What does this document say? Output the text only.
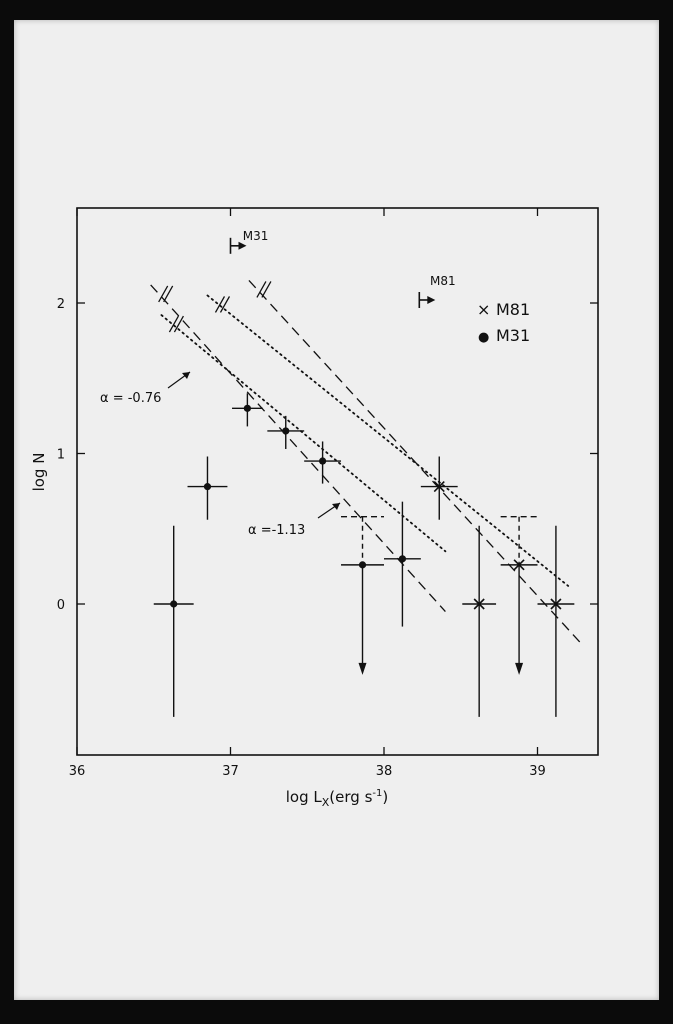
36	37	38	39
0
1
2
α = -0.76
α =-1.13
M31
M81
log N
$\log L_X(erg$ $s^{-1}$)
× M81
● M31
